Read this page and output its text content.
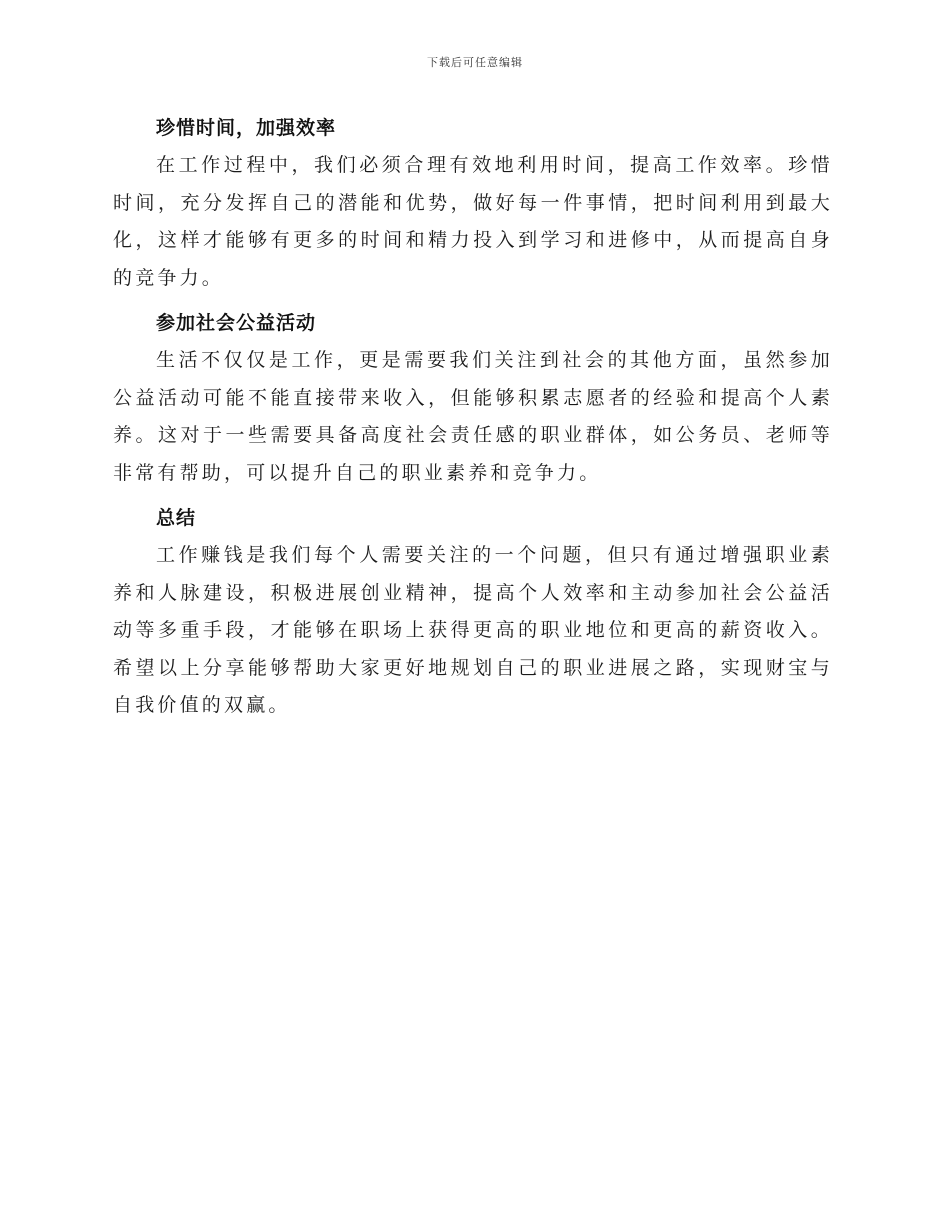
下载后可任意编辑
珍惜时间，加强效率

在工作过程中，我们必须合理有效地利用时间，提高工作效率。珍惜时间，充分发挥自己的潜能和优势，做好每一件事情，把时间利用到最大化，这样才能够有更多的时间和精力投入到学习和进修中，从而提高自身的竞争力。

参加社会公益活动

生活不仅仅是工作，更是需要我们关注到社会的其他方面，虽然参加公益活动可能不能直接带来收入，但能够积累志愿者的经验和提高个人素养。这对于一些需要具备高度社会责任感的职业群体，如公务员、老师等非常有帮助，可以提升自己的职业素养和竞争力。

总结

工作赚钱是我们每个人需要关注的一个问题，但只有通过增强职业素养和人脉建设，积极进展创业精神，提高个人效率和主动参加社会公益活动等多重手段，才能够在职场上获得更高的职业地位和更高的薪资收入。希望以上分享能够帮助大家更好地规划自己的职业进展之路，实现财宝与自我价值的双赢。
